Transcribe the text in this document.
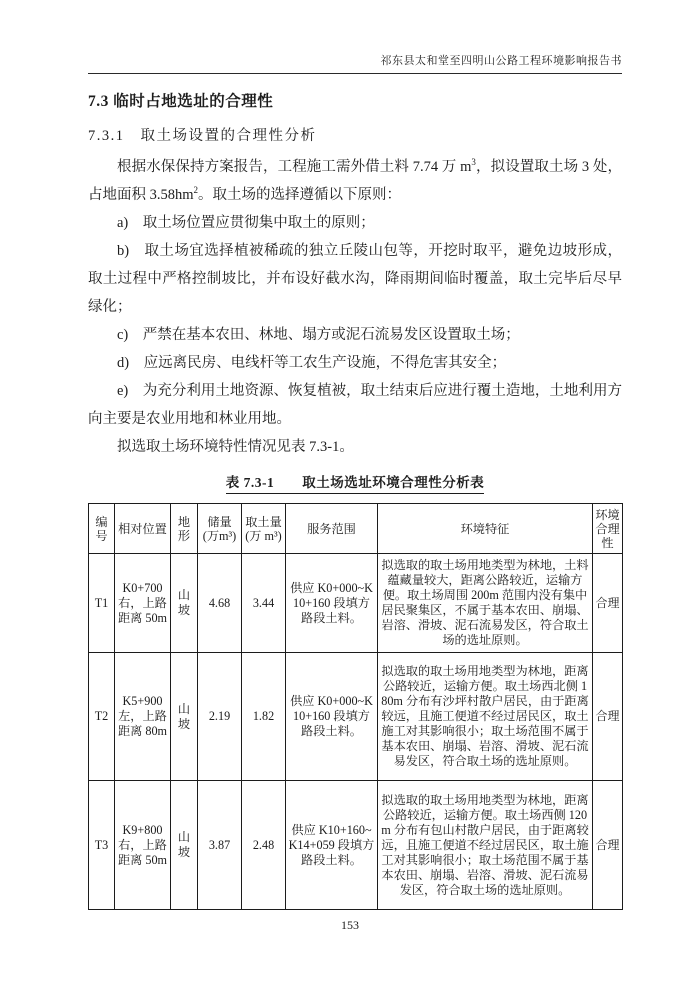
祁东县太和堂至四明山公路工程环境影响报告书
7.3 临时占地选址的合理性
7.3.1　取土场设置的合理性分析

根据水保保持方案报告，工程施工需外借土料 7.74 万 $m^3$，拟设置取土场 3 处，占地面积 $3.58hm^2$。取土场的选择遵循以下原则：

a)　取土场位置应贯彻集中取土的原则；

b)　取土场宜选择植被稀疏的独立丘陵山包等，开挖时取平，避免边坡形成，取土过程中严格控制坡比，并布设好截水沟，降雨期间临时覆盖，取土完毕后尽早绿化；

c)　严禁在基本农田、林地、塌方或泥石流易发区设置取土场；

d)　应远离民房、电线杆等工农生产设施，不得危害其安全；

e)　为充分利用土地资源、恢复植被，取土结束后应进行覆土造地，土地利用方向主要是农业用地和林业用地。

拟选取土场环境特性情况见表 7.3-1。

表 7.3-1　　取土场选址环境合理性分析表
编号	相对位置	地形	储量(万m³)	取土量(万 m³)	服务范围	环境特征	环境合理性
T1	K0+700 右，上路距离 50m	山坡	4.68	3.44	供应 K0+000~K10+160 段填方路段土料。	拟选取的取土场用地类型为林地，土料蕴藏量较大，距离公路较近，运输方便。取土场周围 200m 范围内没有集中居民聚集区，不属于基本农田、崩塌、岩溶、滑坡、泥石流易发区，符合取土场的选址原则。	合理
T2	K5+900 左，上路距离 80m	山坡	2.19	1.82	供应 K0+000~K10+160 段填方路段土料。	拟选取的取土场用地类型为林地，距离公路较近，运输方便。取土场西北侧 180m 分布有沙坪村散户居民，由于距离较远，且施工便道不经过居民区，取土施工对其影响很小；取土场范围不属于基本农田、崩塌、岩溶、滑坡、泥石流易发区，符合取土场的选址原则。	合理
T3	K9+800 右，上路距离 50m	山坡	3.87	2.48	供应 K10+160~K14+059 段填方路段土料。	拟选取的取土场用地类型为林地，距离公路较近，运输方便。取土场西侧 120m 分布有包山村散户居民，由于距离较远，且施工便道不经过居民区，取土施工对其影响很小；取土场范围不属于基本农田、崩塌、岩溶、滑坡、泥石流易发区，符合取土场的选址原则。	合理
153
